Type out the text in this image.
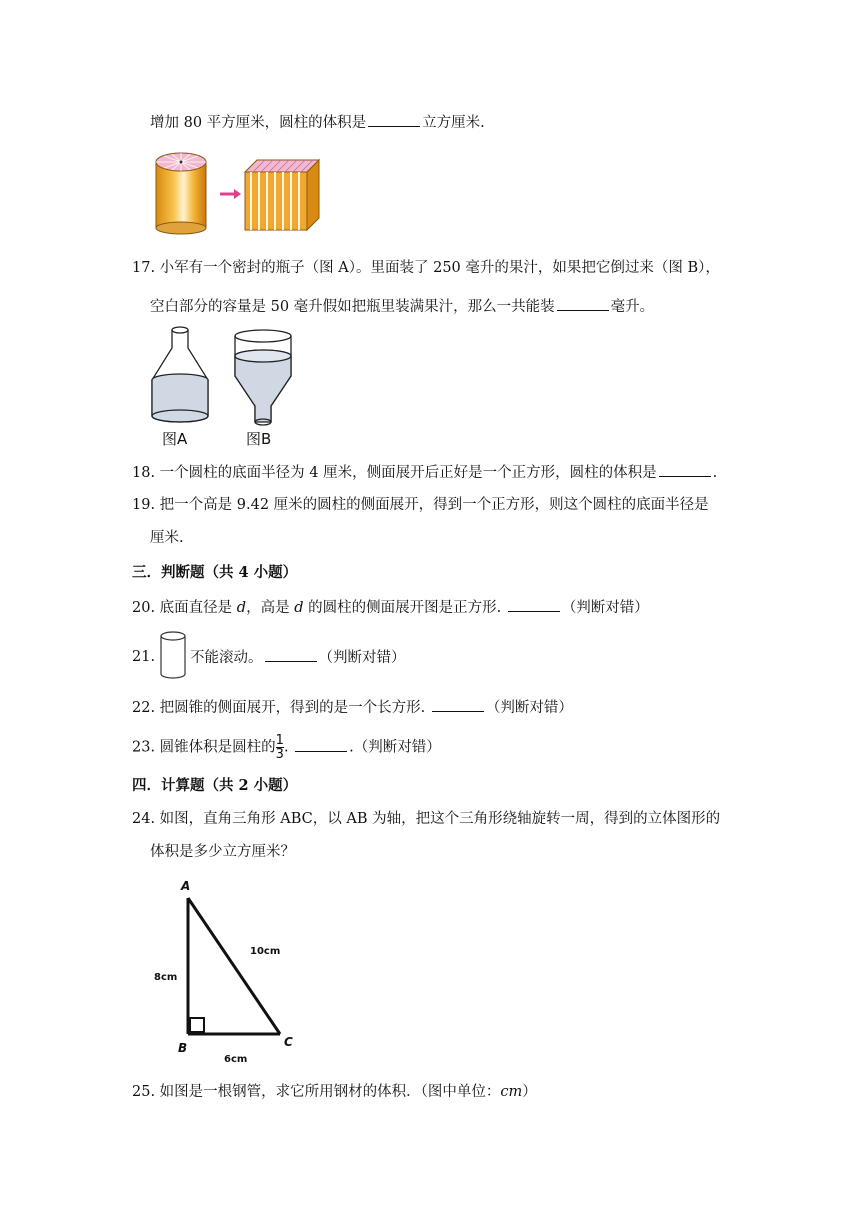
增加 80 平方厘米，圆柱的体积是	立方厘米.
17. 小军有一个密封的瓶子（图 A）。里面装了 250 毫升的果汁，如果把它倒过来（图 B），
空白部分的容量是 50 毫升假如把瓶里装满果汁，那么一共能装	毫升。
图A	图B
18. 一个圆柱的底面半径为 4 厘米，侧面展开后正好是一个正方形，圆柱的体积是	.
19. 把一个高是 9.42 厘米的圆柱的侧面展开，得到一个正方形，则这个圆柱的底面半径是
厘米.
三．判断题（共 4 小题）
20. 底面直径是 d，高是 d 的圆柱的侧面展开图是正方形.	（判断对错）
21. 不能滚动。	（判断对错）
22. 把圆锥的侧面展开，得到的是一个长方形.	（判断对错）
23. 圆锥体积是圆柱的 $\frac{1}{3}$ .	.（判断对错）
四．计算题（共 2 小题）
24. 如图，直角三角形 ABC，以 AB 为轴，把这个三角形绕轴旋转一周，得到的立体图形的
体积是多少立方厘米？
A
B	C
8cm
10cm
6cm
25. 如图是一根钢管，求它所用钢材的体积．（图中单位：cm）
